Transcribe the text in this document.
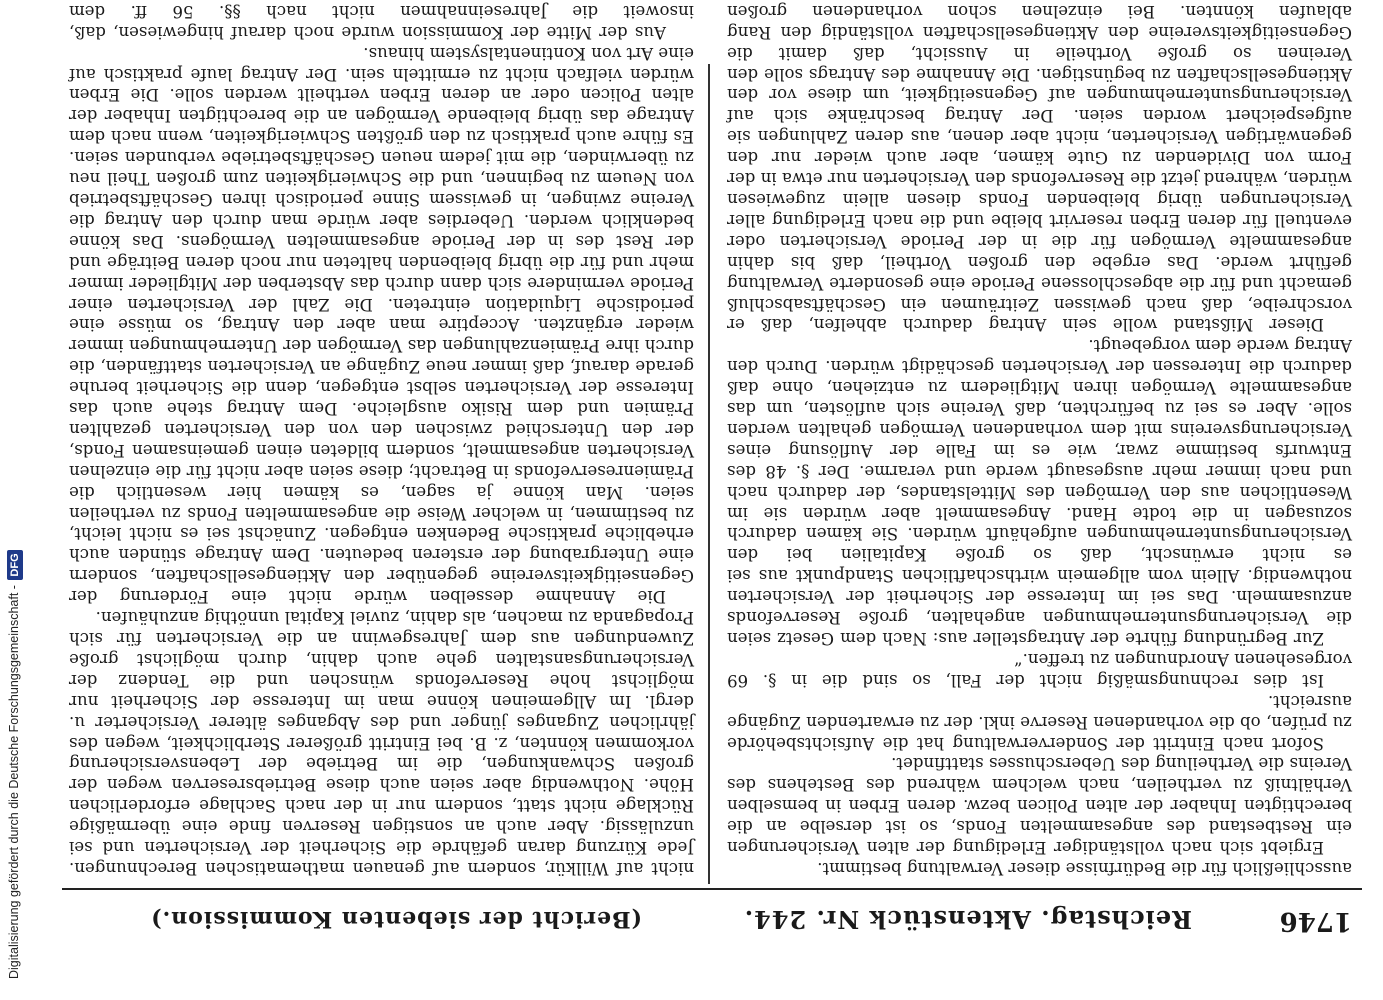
1746
Reichstag. Aktenstück Nr. 244.
(Bericht der siebenten Kommission.)

ausschließlich für die Bedürfnisse dieser Verwaltung bestimmt.

Ergiebt sich nach vollständiger Erledigung der alten Versicherungen ein Restbestand des angesammelten Fonds, so ist derselbe an die berechtigten Inhaber der alten Policen bezw. deren Erben in bemselben Verhältniß zu vertheilen, nach welchem während des Bestehens des Vereins die Vertheilung des Ueberschusses stattfindet.

Sofort nach Eintritt der Sonderverwaltung hat die Aufsichtsbehörde zu prüfen, ob die vorhandenen Reserve inkl. der zu erwartenden Zugänge ausreicht.

Ist dies rechnungsmäßig nicht der Fall, so sind die in §. 69 vorgesehenen Anordnungen zu treffen.“

Zur Begründung führte der Antragsteller aus: Nach dem Gesetz seien die Versicherungsunternehmungen angehalten, große Reservefonds anzusammeln. Das sei im Interesse der Sicherheit der Versicherten nothwendig. Allein vom allgemein wirthschaftlichen Standpunkt aus sei es nicht erwünscht, daß so große Kapitalien bei den Versicherungsunternehmungen aufgehäuft würden. Sie kämen dadurch sozusagen in die todte Hand. Angesammelt aber würden sie im Wesentlichen aus den Vermögen des Mittelstandes, der dadurch nach und nach immer mehr ausgesaugt werde und verarme. Der §. 48 des Entwurfs bestimme zwar, wie es im Falle der Auflösung eines Versicherungsvereins mit dem vorhandenen Vermögen gehalten werden solle. Aber es sei zu befürchten, daß Vereine sich auflösten, um das angesammelte Vermögen ihren Mitgliedern zu entziehen, ohne daß dadurch die Interessen der Versicherten geschädigt würden. Durch den Antrag werde dem vorgebeugt.

Dieser Mißstand wolle sein Antrag dadurch abhelfen, daß er vorschreibe, daß nach gewissen Zeiträumen ein Geschäftsabschluß gemacht und für die abgeschlossene Periode eine gesonderte Verwaltung geführt werde. Das ergebe den großen Vortheil, daß bis dahin angesammelte Vermögen für die in der Periode Versicherten oder eventuell für deren Erben reservirt bleibe und die nach Erledigung aller Versicherungen übrig bleibenden Fonds diesen allein zugewiesen würden, während jetzt die Reservefonds den Versicherten nur etwa in der Form von Dividenden zu Gute kämen, aber auch wieder nur den gegenwärtigen Versicherten, nicht aber denen, aus deren Zahlungen sie aufgespeichert worden seien. Der Antrag beschränke sich auf Versicherungsunternehmungen auf Gegenseitigkeit, um diese vor den Aktiengesellschaften zu begünstigen. Die Annahme des Antrags solle den Vereinen so große Vortheile in Aussicht, daß damit die Gegenseitigkeitsvereine den Aktiengesellschaften vollständig den Rang ablaufen könnten. Bei einzelnen schon vorhandenen großen

nicht auf Willkür, sondern auf genauen mathematischen Berechnungen. Jede Kürzung daran gefährde die Sicherheit der Versicherten und sei unzulässig. Aber auch an sonstigen Reserven finde eine übermäßige Rücklage nicht statt, sondern nur in der nach Sachlage erforderlichen Höhe. Nothwendig aber seien auch diese Betriebsreserven wegen der großen Schwankungen, die im Betriebe der Lebensversicherung vorkommen könnten, z. B. bei Eintritt größerer Sterblichkeit, wegen des jährlichen Zuganges jünger und des Abganges älterer Versicherter u. dergl. Im Allgemeinen könne man im Interesse der Sicherheit nur möglichst hohe Reservefonds wünschen und die Tendenz der Versicherungsanstalten gehe auch dahin, durch möglichst große Zuwendungen aus dem Jahresgewinn an die Versicherten für sich Propaganda zu machen, als dahin, zuviel Kapital unnöthig anzuhäufen.

Die Annahme desselben würde nicht eine Förderung der Gegenseitigkeitsvereine gegenüber den Aktiengesellschaften, sondern eine Untergrabung der ersteren bedeuten. Dem Antrage stünden auch erhebliche praktische Bedenken entgegen. Zunächst sei es nicht leicht, zu bestimmen, in welcher Weise die angesammelten Fonds zu vertheilen seien. Man könne ja sagen, es kämen hier wesentlich die Prämienreservefonds in Betracht; diese seien aber nicht für die einzelnen Versicherten angesammelt, sondern bildeten einen gemeinsamen Fonds, der den Unterschied zwischen den von den Versicherten gezahlten Prämien und dem Risiko ausgleiche. Dem Antrag stehe auch das Interesse der Versicherten selbst entgegen, denn die Sicherheit beruhe gerade darauf, daß immer neue Zugänge an Versicherten stattfänden, die durch ihre Prämienzahlungen das Vermögen der Unternehmungen immer wieder ergänzten. Acceptire man aber den Antrag, so müsse eine periodische Liquidation eintreten. Die Zahl der Versicherten einer Periode vermindere sich dann durch das Absterben der Mitglieder immer mehr und für die übrig bleibenden halteten nur noch deren Beiträge und der Rest des in der Periode angesammelten Vermögens. Das könne bedenklich werden. Ueberdies aber würde man durch den Antrag die Vereine zwingen, in gewissem Sinne periodisch ihren Geschäftsbetrieb von Neuem zu beginnen, und die Schwierigkeiten zum großen Theil neu zu überwinden, die mit jedem neuen Geschäftsbetriebe verbunden seien. Es führe auch praktisch zu den größten Schwierigkeiten, wenn nach dem Antrage das übrig bleibende Vermögen an die berechtigten Inhaber der alten Policen oder an deren Erben vertheilt werden solle. Die Erben würden vielfach nicht zu ermitteln sein. Der Antrag laufe praktisch auf eine Art von Kontinentalsystem hinaus.

Aus der Mitte der Kommission wurde noch darauf hingewiesen, daß, insoweit die Jahreseinnahmen nicht nach §§. 56 ff. dem

Digitalisierung gefördert durch die Deutsche Forschungsgemeinschaft - DFG
